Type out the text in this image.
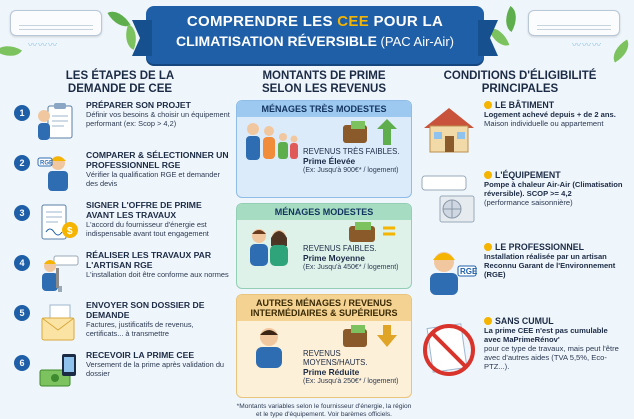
〰〰〰	〰〰〰
COMPRENDRE LES CEE POUR LA
CLIMATISATION RÉVERSIBLE (PAC Air-Air)
LES ÉTAPES DE LA
DEMANDE DE CEE
1
PRÉPARER SON PROJET
Définir vos besoins & choisir un équipement performant (ex: Scop > 4,2)
2	RGE
COMPARER & SÉLECTIONNER UN PROFESSIONNEL RGE
Vérifier la qualification RGE et demander des devis
3
$
SIGNER L'OFFRE DE PRIME AVANT LES TRAVAUX
L'accord du fournisseur d'énergie est indispensable avant tout engagement
4
RÉALISER LES TRAVAUX PAR L'ARTISAN RGE
L'installation doit être conforme aux normes
5
ENVOYER SON DOSSIER DE DEMANDE
Factures, justificatifs de revenus, certificats... à transmettre
6
RECEVOIR LA PRIME CEE
Versement de la prime après validation du dossier
MONTANTS DE PRIME
SELON LES REVENUS
MÉNAGES TRÈS MODESTES
REVENUS TRÈS FAIBLES.
Prime Élevée
(Ex: Jusqu'à 900€* / logement)
MÉNAGES MODESTES
REVENUS FAIBLES.
Prime Moyenne
(Ex: Jusqu'à 450€* / logement)
AUTRES MÉNAGES / REVENUS INTERMÉDIAIRES & SUPÉRIEURS
REVENUS MOYENS/HAUTS.
Prime Réduite
(Ex: Jusqu'à 250€* / logement)
*Montants variables selon le fournisseur d'énergie, la région et le type d'équipement. Voir barèmes officiels.
CONDITIONS D'ÉLIGIBILITÉ
PRINCIPALES
LE BÂTIMENT
Logement achevé depuis + de 2 ans.
Maison individuelle ou appartement
L'ÉQUIPEMENT
Pompe à chaleur Air-Air (Climatisation réversible). SCOP >= 4,2
(performance saisonnière)
RGE
LE PROFESSIONNEL
Installation réalisée par un artisan Reconnu Garant de l'Environnement (RGE)
SANS CUMUL
La prime CEE n'est pas cumulable avec MaPrimeRénov'
pour ce type de travaux, mais peut l'être avec d'autres aides (TVA 5,5%, Eco-PTZ...).
